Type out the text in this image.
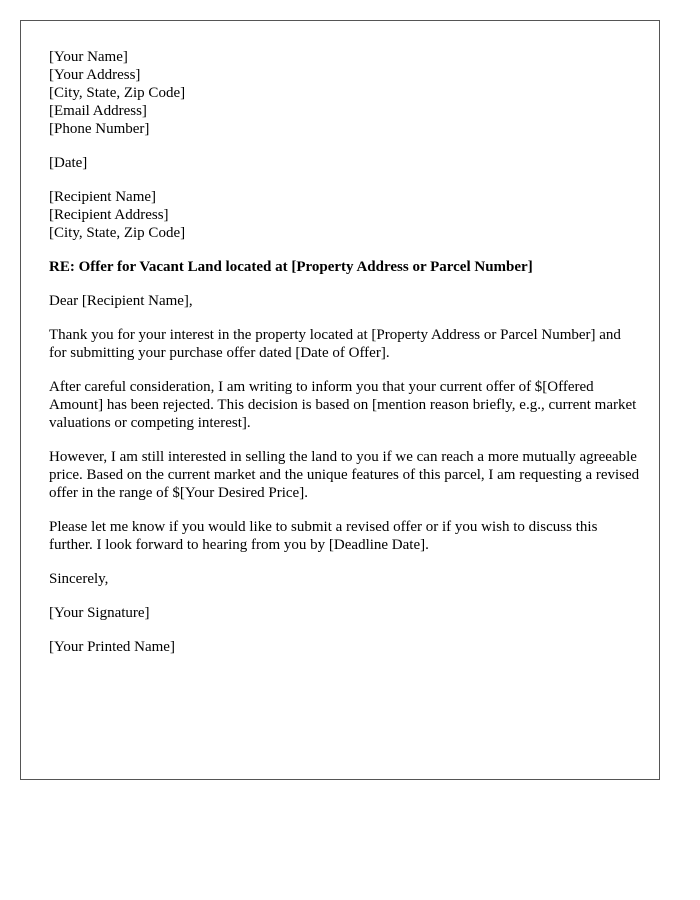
[Your Name]
[Your Address]
[City, State, Zip Code]
[Email Address]
[Phone Number]
[Date]
[Recipient Name]
[Recipient Address]
[City, State, Zip Code]

RE: Offer for Vacant Land located at [Property Address or Parcel Number]

Dear [Recipient Name],

Thank you for your interest in the property located at [Property Address or Parcel Number] and for submitting your purchase offer dated [Date of Offer].

After careful consideration, I am writing to inform you that your current offer of $[Offered Amount] has been rejected. This decision is based on [mention reason briefly, e.g., current market valuations or competing interest].

However, I am still interested in selling the land to you if we can reach a more mutually agreeable price. Based on the current market and the unique features of this parcel, I am requesting a revised offer in the range of $[Your Desired Price].

Please let me know if you would like to submit a revised offer or if you wish to discuss this further. I look forward to hearing from you by [Deadline Date].

Sincerely,

[Your Signature]

[Your Printed Name]
